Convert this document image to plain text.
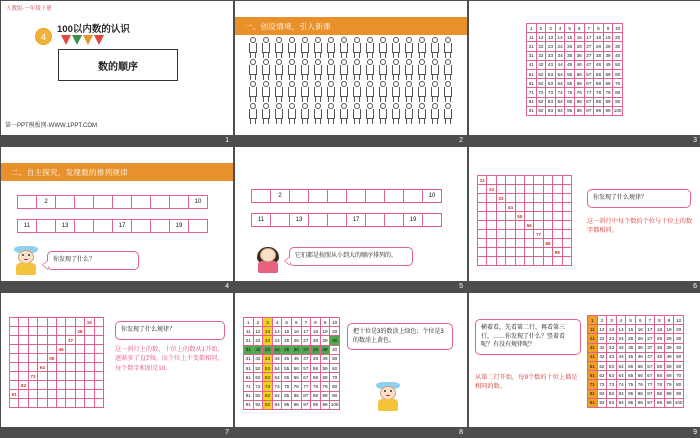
人教版·一年级下册
4
100以内数的认识
数的顺序
第一PPT模板网-WWW.1PPT.COM
1
一、创设情境，引入新课
2
1	2	3	4	5	6	7	8	9	10
11	12	13	14	15	16	17	18	19	20
21	22	23	24	25	26	27	28	29	30
31	32	33	34	35	36	37	38	39	40
41	42	43	44	45	46	47	48	49	50
51	52	53	54	55	56	57	58	59	60
61	62	63	64	65	66	67	68	69	70
71	72	73	74	75	76	77	78	79	80
81	82	83	84	85	86	87	88	89	90
91	92	93	94	95	96	97	98	99	100
3
二、自主探究，发现数的排列规律
	2								10
11		13			17			19	
你发现了什么？
4
	2								10
11		13			17			19	
它们都是按照从小到大的顺序排列的。
5
11									
	22								
		33							
			44						
				55					
					66				
						77			
							88		
								99	

你发现了什么规律？
这一斜行中每个数的个位与十位上的数字都相同。
6
								19	
							28		
						37			
					46				
				55					
			64						
		73							
	82								
91									

你发现了什么规律？
这一斜行上的数，十位上的数从1开始，逐渐多了直到9，而个位上不变都相同，每个数字相加是10。
7
1	2	3	4	5	6	7	8	9	10
11	12	13	14	15	16	17	18	19	20
21	22	23	24	25	26	27	28	29	30
31	32	33	34	35	36	37	38	39	40
41	42	43	44	45	46	47	48	49	50
51	52	53	54	55	56	57	58	59	60
61	62	63	64	65	66	67	68	69	70
71	72	73	74	75	76	77	78	79	80
81	82	83	84	85	86	87	88	89	90
91	92	93	94	95	96	97	98	99	100
把十位是3的数涂上绿色；个位是3的数涂上黄色。
8
横着看，先看第二行，再看第三行，……你发现了什么？竖着看呢？有没有规律呢？
从第二行开始，每9个数的十位上都是相同的数。
1	2	3	4	5	6	7	8	9	10
11	12	13	14	15	16	17	18	19	20
21	22	23	24	25	26	27	28	29	30
31	32	33	34	35	36	37	38	39	40
41	42	43	44	45	46	47	48	49	50
51	52	53	54	55	56	57	58	59	60
61	62	63	64	65	66	67	68	69	70
71	72	73	74	75	76	77	78	79	80
81	82	83	84	85	86	87	88	89	90
91	92	93	94	95	96	97	98	99	100
9
